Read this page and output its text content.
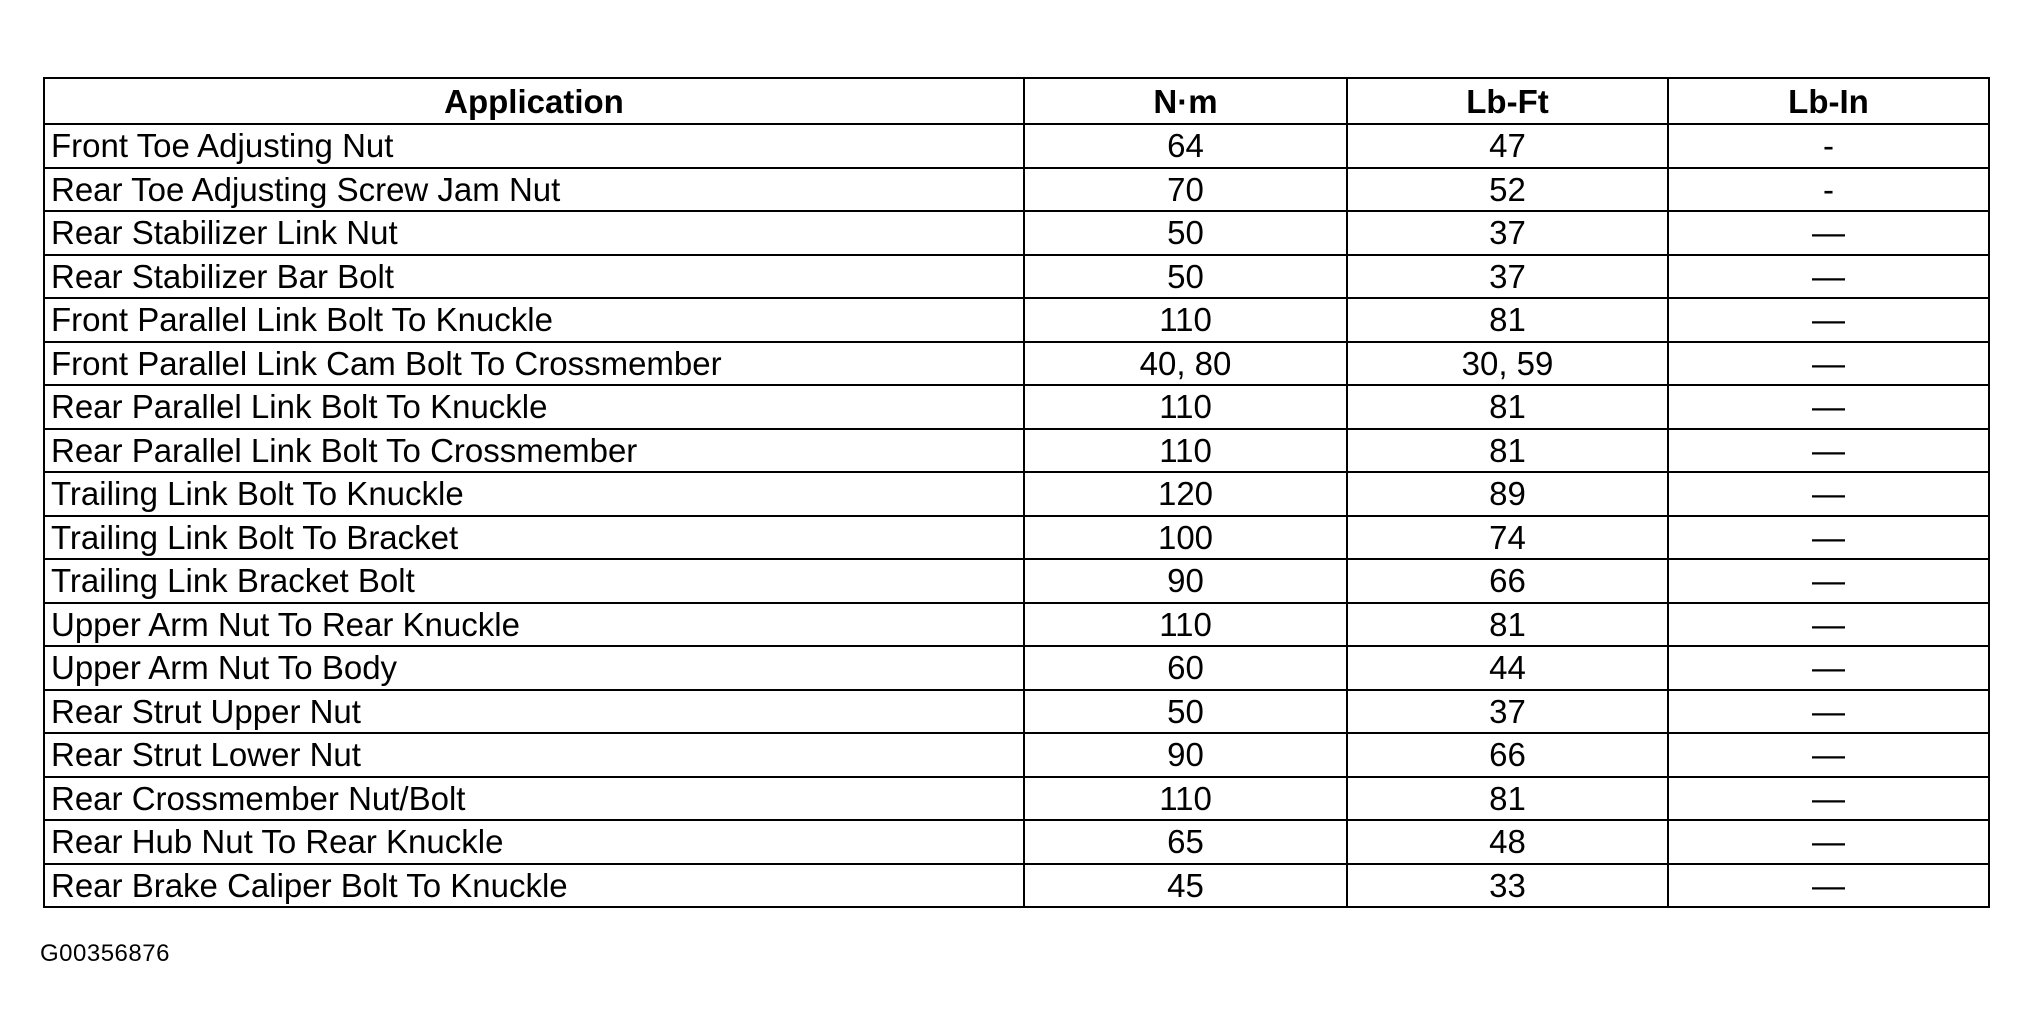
Application	N·m	Lb-Ft	Lb-In
Front Toe Adjusting Nut	64	47	-
Rear Toe Adjusting Screw Jam Nut	70	52	-
Rear Stabilizer Link Nut	50	37	—
Rear Stabilizer Bar Bolt	50	37	—
Front Parallel Link Bolt To Knuckle	110	81	—
Front Parallel Link Cam Bolt To Crossmember	40, 80	30, 59	—
Rear Parallel Link Bolt To Knuckle	110	81	—
Rear Parallel Link Bolt To Crossmember	110	81	—
Trailing Link Bolt To Knuckle	120	89	—
Trailing Link Bolt To Bracket	100	74	—
Trailing Link Bracket Bolt	90	66	—
Upper Arm Nut To Rear Knuckle	110	81	—
Upper Arm Nut To Body	60	44	—
Rear Strut Upper Nut	50	37	—
Rear Strut Lower Nut	90	66	—
Rear Crossmember Nut/Bolt	110	81	—
Rear Hub Nut To Rear Knuckle	65	48	—
Rear Brake Caliper Bolt To Knuckle	45	33	—
G00356876
